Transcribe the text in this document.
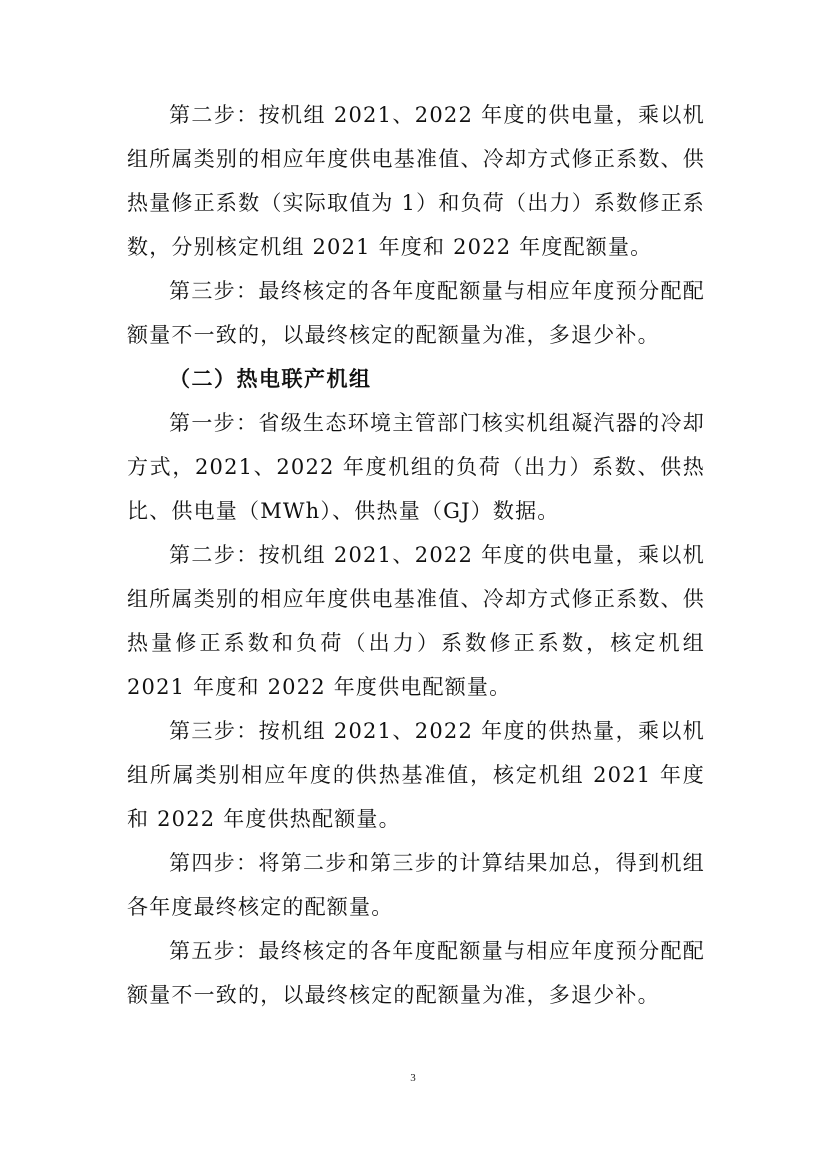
第二步：按机组 2021、2022 年度的供电量，乘以机组所属类别的相应年度供电基准值、冷却方式修正系数、供热量修正系数（实际取值为 1）和负荷（出力）系数修正系数，分别核定机组 2021 年度和 2022 年度配额量。

第三步：最终核定的各年度配额量与相应年度预分配配额量不一致的，以最终核定的配额量为准，多退少补。

（二）热电联产机组

第一步：省级生态环境主管部门核实机组凝汽器的冷却方式，2021、2022 年度机组的负荷（出力）系数、供热比、供电量（MWh）、供热量（GJ）数据。

第二步：按机组 2021、2022 年度的供电量，乘以机组所属类别的相应年度供电基准值、冷却方式修正系数、供热量修正系数和负荷（出力）系数修正系数，核定机组 2021 年度和 2022 年度供电配额量。

第三步：按机组 2021、2022 年度的供热量，乘以机组所属类别相应年度的供热基准值，核定机组 2021 年度和 2022 年度供热配额量。

第四步：将第二步和第三步的计算结果加总，得到机组各年度最终核定的配额量。

第五步：最终核定的各年度配额量与相应年度预分配配额量不一致的，以最终核定的配额量为准，多退少补。

3
